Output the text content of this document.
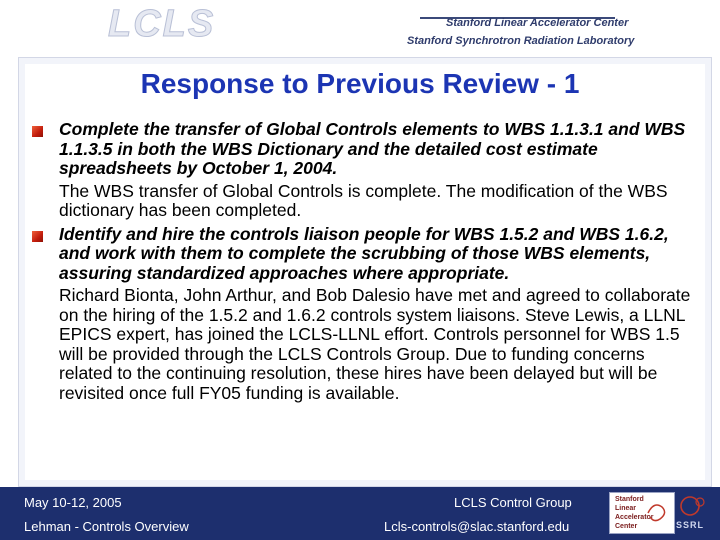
LCLS	Stanford Linear Accelerator Center
Stanford Synchrotron Radiation Laboratory
Response to Previous Review - 1

Complete the transfer of Global Controls elements to WBS 1.1.3.1 and WBS 1.1.3.5 in both the WBS Dictionary and the detailed cost estimate spreadsheets by October 1, 2004.

The WBS transfer of Global Controls is complete. The modification of the WBS dictionary has been completed.

Identify and hire the controls liaison people for WBS 1.5.2 and WBS 1.6.2, and work with them to complete the scrubbing of those WBS elements, assuring standardized approaches where appropriate.

Richard Bionta, John Arthur, and Bob Dalesio have met and agreed to collaborate on the hiring of the 1.5.2 and 1.6.2 controls system liaisons. Steve Lewis, a LLNL EPICS expert, has joined the LCLS-LLNL effort. Controls personnel for WBS 1.5 will be provided through the LCLS Controls Group. Due to funding concerns related to the continuing resolution, these hires have been delayed but will be revisited once full FY05 funding is available.

May 10-12, 2005
Lehman - Controls Overview
LCLS Control Group
Lcls-controls@slac.stanford.edu
Stanford
Linear
Accelerator
Center	SSRL
